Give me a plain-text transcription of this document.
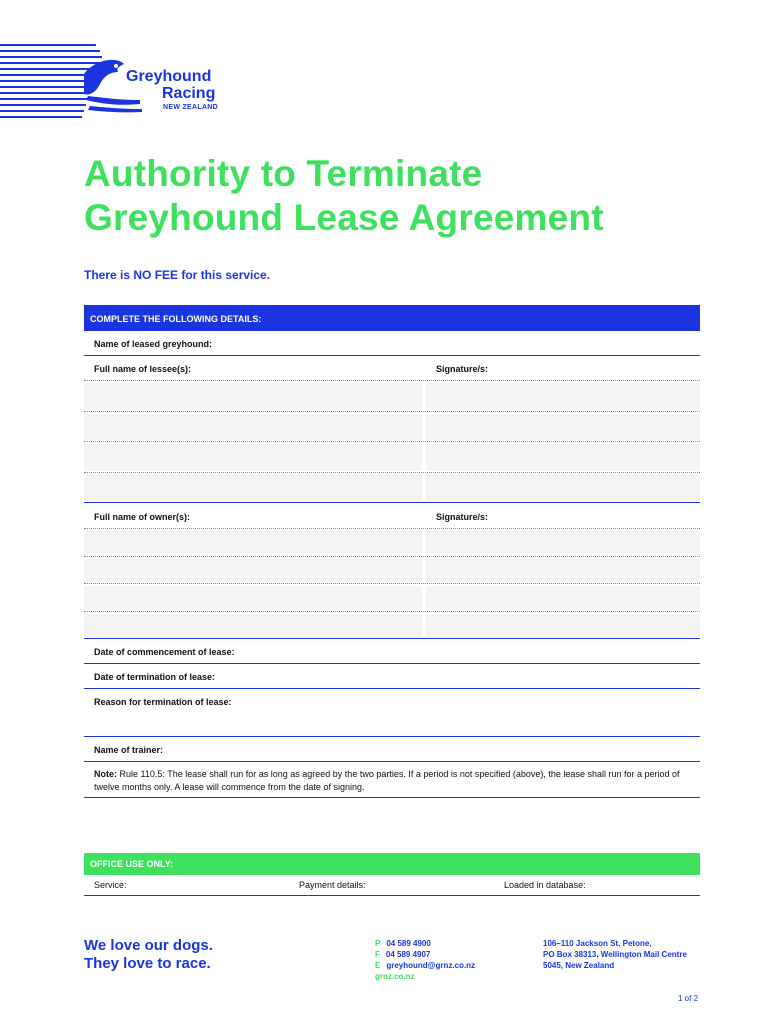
Greyhound
Racing
NEW ZEALAND
Authority to Terminate
Greyhound Lease Agreement
There is NO FEE for this service.
COMPLETE THE FOLLOWING DETAILS:
Name of leased greyhound:
Full name of lessee(s):	Signature/s:
Full name of owner(s):	Signature/s:
Date of commencement of lease:
Date of termination of lease:
Reason for termination of lease:
Name of trainer:
Note: Rule 110.5: The lease shall run for as long as agreed by the two parties. If a period is not specified (above), the lease shall run for a period of twelve months only. A lease will commence from the date of signing.
OFFICE USE ONLY:
Service:	Payment details:	Loaded in database:
We love our dogs.
They love to race.
P 04 589 4900
F 04 589 4907
E greyhound@grnz.co.nz
grnz.co.nz
106–110 Jackson St, Petone,
PO Box 38313, Wellington Mail Centre
5045, New Zealand
1 of 2
